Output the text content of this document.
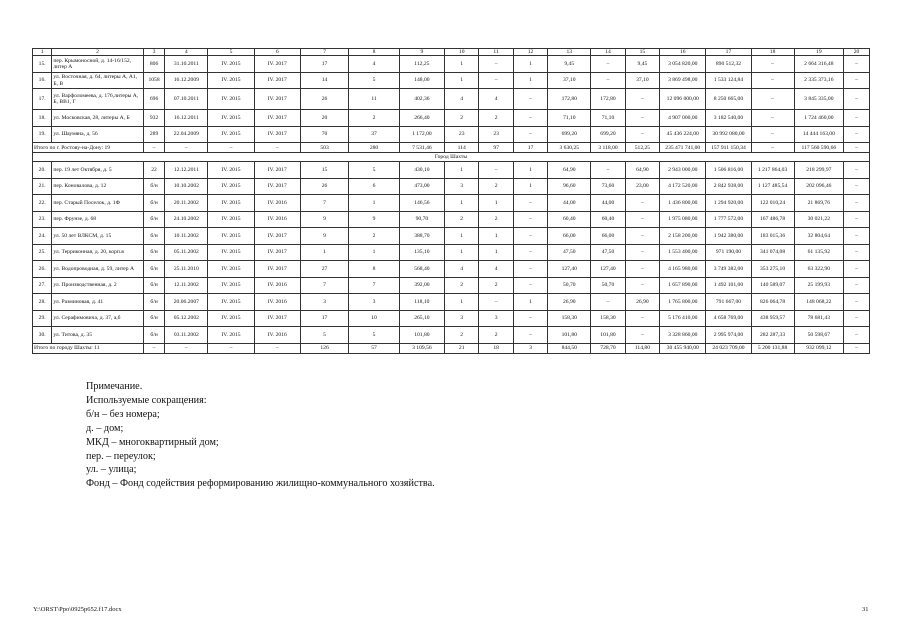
1	2	3	4	5	6	7	8	9	10	11	12	13	14	15	16	17	18	19	20
15.	пер. Крымоносной, д. 14-16/152, литер А	806	31.10.2011	IV. 2015	IV. 2017	17	4	112,25	1	–	1	9,45	–	9,45	3 054 820,00	890 512,32	–	2 664 316,48	–
16.	ул. Восточная, д. 64, литеры А, А1, Б, В	1058	16.12.2009	IV. 2015	IV. 2017	14	5	148,00	1	–	1	37,10	–	37,10	3 869 498,00	1 533 124,84	–	2 335 373,16	–
17.	ул. Варфоломеева, д. 176,литеры А, Б, ВВ1, Г	696	07.10.2011	IV. 2015	IV. 2017	26	11	402,36	4	4	–	172,80	172,80	–	12 096 000,00	8 250 665,00	–	3 845 335,00	–
18.	ул. Московская, 28, литеры А, Б	932	16.12.2011	IV. 2015	IV. 2017	20	2	266,40	2	2	–	71,10	71,10	–	4 907 000,00	3 182 540,00	–	1 724 460,00	–
19.	ул. Шаумяна, д. 56	289	22.04.2009	IV. 2015	IV. 2017	70	37	1 172,00	23	23	–	699,20	699,20	–	45 436 224,00	30 992 080,00	–	14 444 163,00	–
Итого по г. Ростову-на-Дону: 19		–	–	–	–	503	280	7 531,46	114	97	17	3 630,25	3 118,00	512,25	235 471 741,00	157 911 150,34	–	117 560 590,66	–
Город Шахты																			
20.	пер. 19 лет Октября, д. 5	22	12.12.2011	IV. 2015	IV. 2017	15	5	430,10	1	–	1	64,90	–	64,90	2 943 000,00	1 506 816,00	1 217 864,03	218 299,97	–
21.	пер. Коновалова, д. 12	б/н	10.10.2002	IV. 2015	IV. 2017	26	6	473,00	3	2	1	96,60	73,60	23,00	4 172 520,00	2 842 938,00	1 127 485,54	202 096,46	–
22.	пер. Старый Поселок, д. 1Ф	б/н	20.11.2002	IV. 2015	IV. 2016	7	1	146,56	1	1	–	44,00	44,00	–	1 436 800,00	1 294 920,00	122 010,24	21 869,76	–
23.	пер. Фрунзе, д. 68	б/н	24.10.2002	IV. 2015	IV. 2016	9	9	90,70	2	2	–	60,40	60,40	–	1 975 080,00	1 777 572,00	167 486,78	30 021,22	–
24.	ул. 50 лет ВЛКСМ, д. 15	б/н	10.11.2002	IV. 2015	IV. 2017	9	2	388,70	1	1	–	66,00	66,00	–	2 158 200,00	1 942 380,00	183 015,36	32 804,64	–
25.	ул. Терриконная, д. 20, корп.в	б/н	05.11.2002	IV. 2015	IV. 2017	1	1	135,10	1	1	–	47,50	47,50	–	1 553 400,00	971 190,00	341 074,08	61 135,92	–
26.	ул. Водопроводная, д. 59, литер А	б/н	25.11.2010	IV. 2015	IV. 2017	27	8	568,40	4	4	–	127,40	127,40	–	4 165 980,00	3 749 382,00	353 275,10	63 322,90	–
27.	ул. Производственная, д. 2	б/н	12.11.2002	IV. 2015	IV. 2016	7	7	392,00	2	2	–	50,70	50,70	–	1 657 890,00	1 492 101,00	140 589,07	25 199,93	–
28.	ул. Разминовая, д. 41	б/н	20.06.2007	IV. 2015	IV. 2016	3	3	118,10	1	–	1	26,90	–	26,90	1 765 800,00	791 667,00	826 064,78	148 068,22	–
29.	ул. Серафимовича, д. 37, а,б	б/н	05.12.2002	IV. 2015	IV. 2017	17	10	265,10	3	3	–	158,30	158,30	–	5 176 410,00	4 658 769,00	438 959,57	78 681,43	–
30.	ул. Титова, д. 35	б/н	03.11.2002	IV. 2015	IV. 2016	5	5	101,80	2	2	–	101,80	101,80	–	3 328 860,00	2 995 974,00	282 287,33	50 598,67	–
Итого по городу Шахты: 11		–	–	–	–	126	57	3 109,56	21	18	3	844,50	728,70	114,80	30 455 940,00	24 023 709,00	5 200 131,88	932 099,12	–
Примечание.
Используемые сокращения:
б/н – без номера;
д. – дом;
МКД – многоквартирный дом;
пер. – переулок;
ул. – улица;
Фонд – Фонд содействия реформированию жилищно-коммунального хозяйства.
Y:\ORST\Ppo\0925p652.f17.docx	31
